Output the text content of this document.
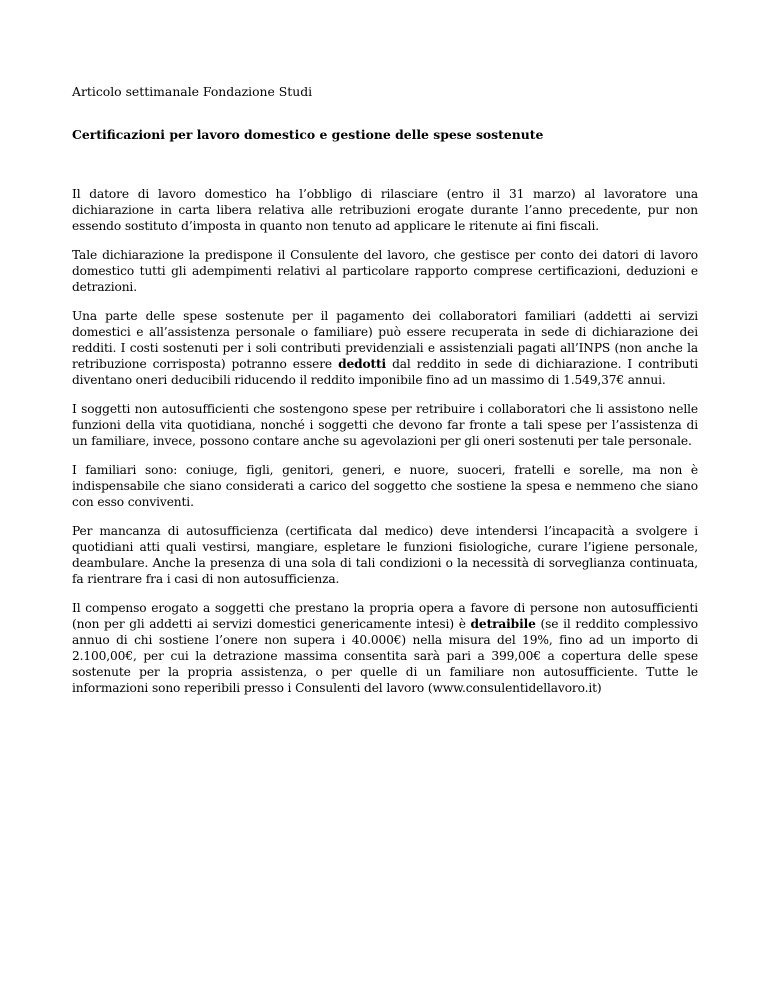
Articolo settimanale Fondazione Studi
Certificazioni per lavoro domestico e gestione delle spese sostenute

Il datore di lavoro domestico ha l’obbligo di rilasciare (entro il 31 marzo) al lavoratore una dichiarazione in carta libera relativa alle retribuzioni erogate durante l’anno precedente, pur non essendo sostituto d’imposta in quanto non tenuto ad applicare le ritenute ai fini fiscali.

Tale dichiarazione la predispone il Consulente del lavoro, che gestisce per conto dei datori di lavoro domestico tutti gli adempimenti relativi al particolare rapporto comprese certificazioni, deduzioni e detrazioni.

Una parte delle spese sostenute per il pagamento dei collaboratori familiari (addetti ai servizi domestici e all’assistenza personale o familiare) può essere recuperata in sede di dichiarazione dei redditi. I costi sostenuti per i soli contributi previdenziali e assistenziali pagati all’INPS (non anche la retribuzione corrisposta) potranno essere dedotti dal reddito in sede di dichiarazione. I contributi diventano oneri deducibili riducendo il reddito imponibile fino ad un massimo di 1.549,37€ annui.

I soggetti non autosufficienti che sostengono spese per retribuire i collaboratori che li assistono nelle funzioni della vita quotidiana, nonché i soggetti che devono far fronte a tali spese per l’assistenza di un familiare, invece, possono contare anche su agevolazioni per gli oneri sostenuti per tale personale.

I familiari sono: coniuge, figli, genitori, generi, e nuore, suoceri, fratelli e sorelle, ma non è indispensabile che siano considerati a carico del soggetto che sostiene la spesa e nemmeno che siano con esso conviventi.

Per mancanza di autosufficienza (certificata dal medico) deve intendersi l’incapacità a svolgere i quotidiani atti quali vestirsi, mangiare, espletare le funzioni fisiologiche, curare l’igiene personale, deambulare. Anche la presenza di una sola di tali condizioni o la necessità di sorveglianza continuata, fa rientrare fra i casi di non autosufficienza.

Il compenso erogato a soggetti che prestano la propria opera a favore di persone non autosufficienti (non per gli addetti ai servizi domestici genericamente intesi) è detraibile (se il reddito complessivo annuo di chi sostiene l’onere non supera i 40.000€) nella misura del 19%, fino ad un importo di 2.100,00€, per cui la detrazione massima consentita sarà pari a 399,00€ a copertura delle spese sostenute per la propria assistenza, o per quelle di un familiare non autosufficiente. Tutte le informazioni sono reperibili presso i Consulenti del lavoro (www.consulentidellavoro.it)
